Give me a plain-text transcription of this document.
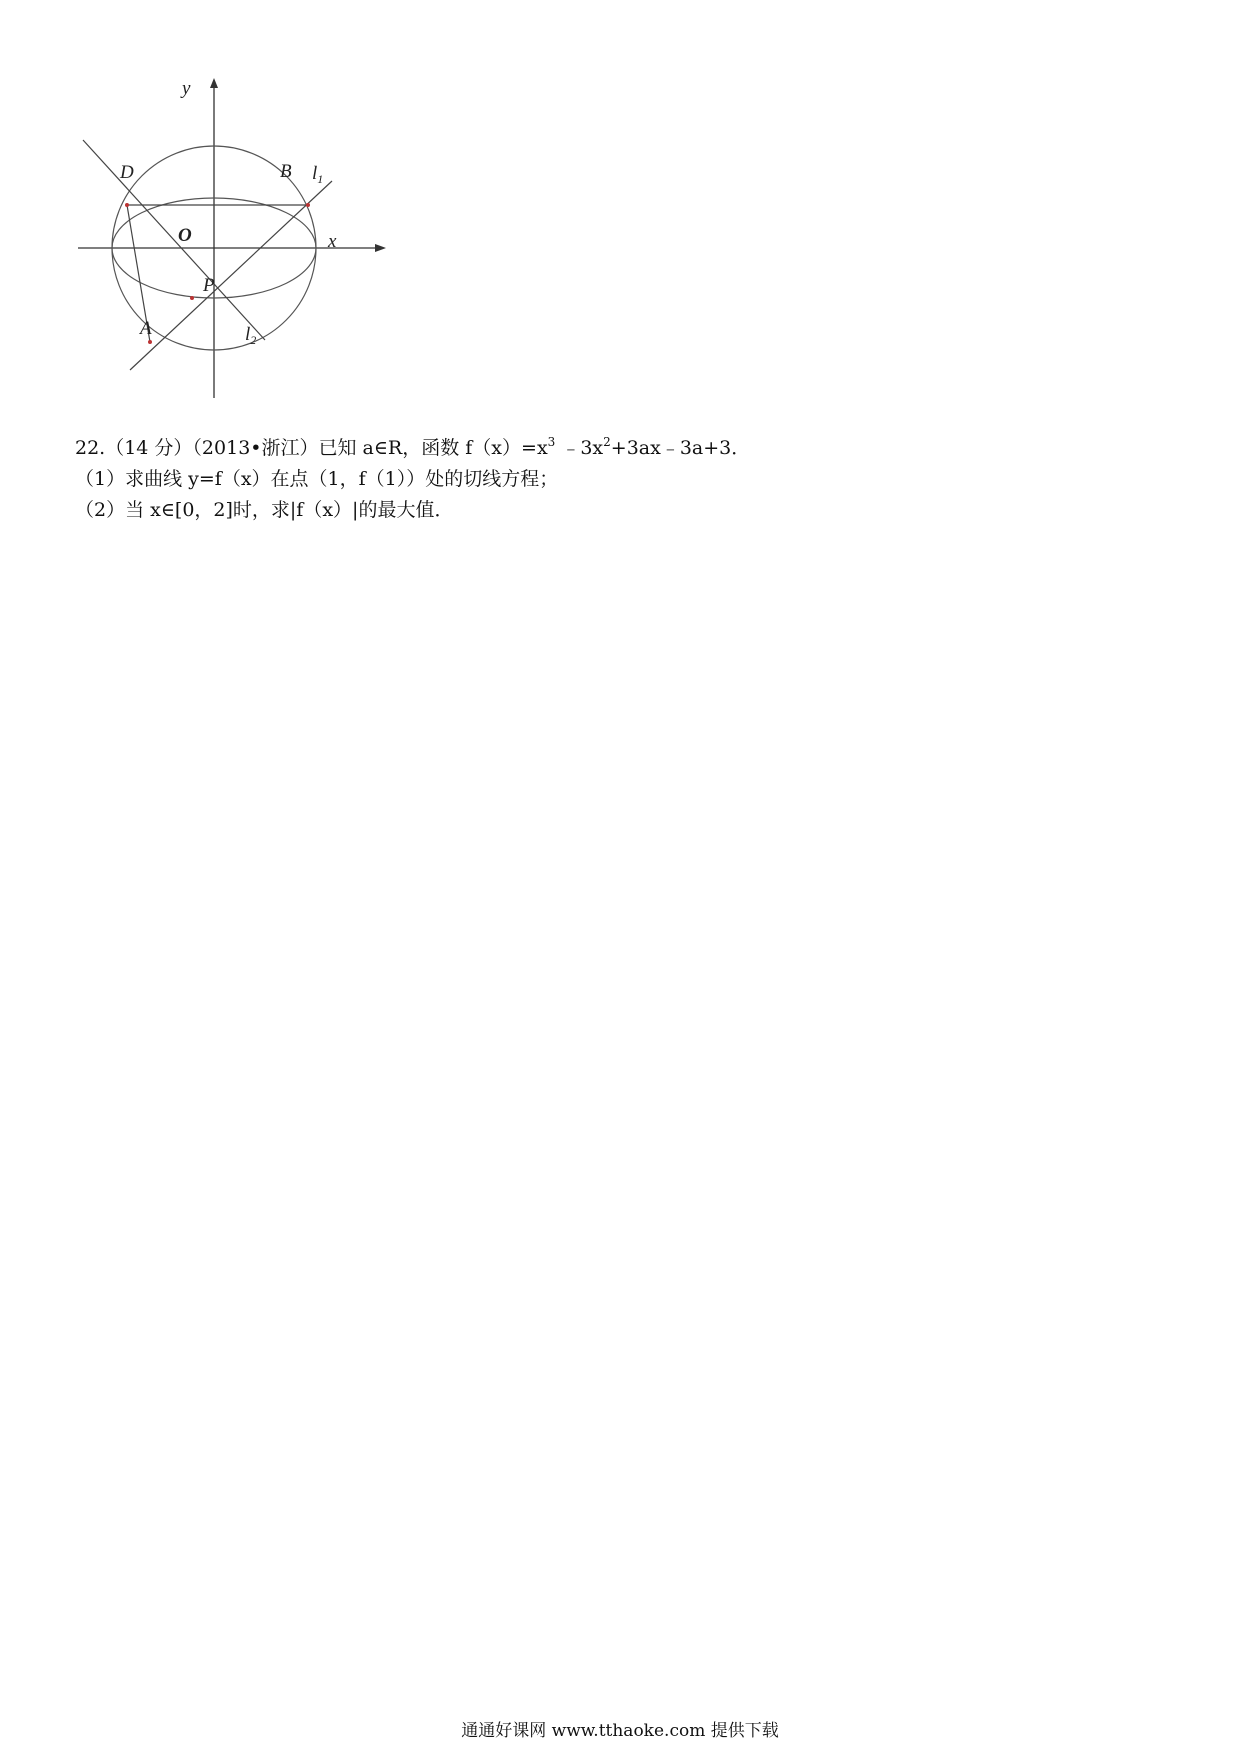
y
x
O
D	B
P
A
$l_1$
$l_2$
22.（14 分）（2013•浙江）已知 a∈R，函数 $f(x)=x^3$ $﹣3x^2+3ax﹣3a+3$．
（1）求曲线 y=f（x）在点（1，f（1））处的切线方程；
（2）当 x∈[0，2]时，求|f（x）|的最大值．
通通好课网 www.tthaoke.com 提供下载
